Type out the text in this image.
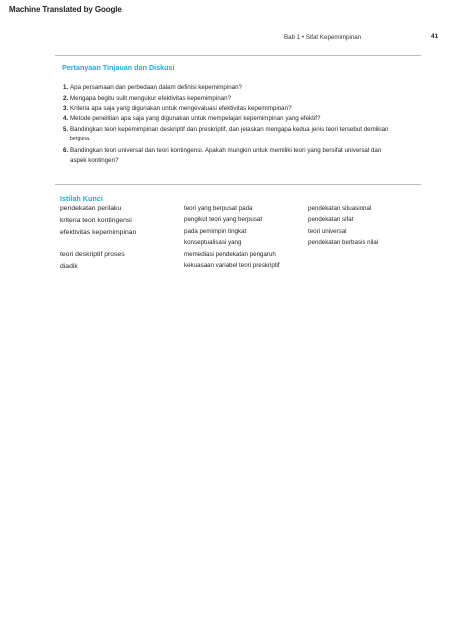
Machine Translated by Google
Bab 1 • Sifat Kepemimpinan	41
Pertanyaan Tinjauan dan Diskusi
1. Apa persamaan dan perbedaan dalam definisi kepemimpinan?
2. Mengapa begitu sulit mengukur efektivitas kepemimpinan?
3. Kriteria apa saja yang digunakan untuk mengevaluasi efektivitas kepemimpinan?
4. Metode penelitian apa saja yang digunakan untuk mempelajari kepemimpinan yang efektif?
5. Bandingkan teori kepemimpinan deskriptif dan preskriptif, dan jelaskan mengapa kedua jenis teori tersebut demikian
berguna.
6. Bandingkan teori universal dan teori kontingensi. Apakah mungkin untuk memiliki teori yang bersifat universal dan
aspek kontingen?
Istilah Kunci
pendekatan perilaku
kriteria teori kontingensi
efektivitas kepemimpinan
teori deskriptif proses
diadik
teori yang berpusat pada
pengikut teori yang berpusat
pada pemimpin tingkat
konseptualisasi yang
memediasi pendekatan pengaruh
kekuasaan variabel teori preskriptif
pendekatan situasional
pendekatan sifat
teori universal
pendekatan berbasis nilai
